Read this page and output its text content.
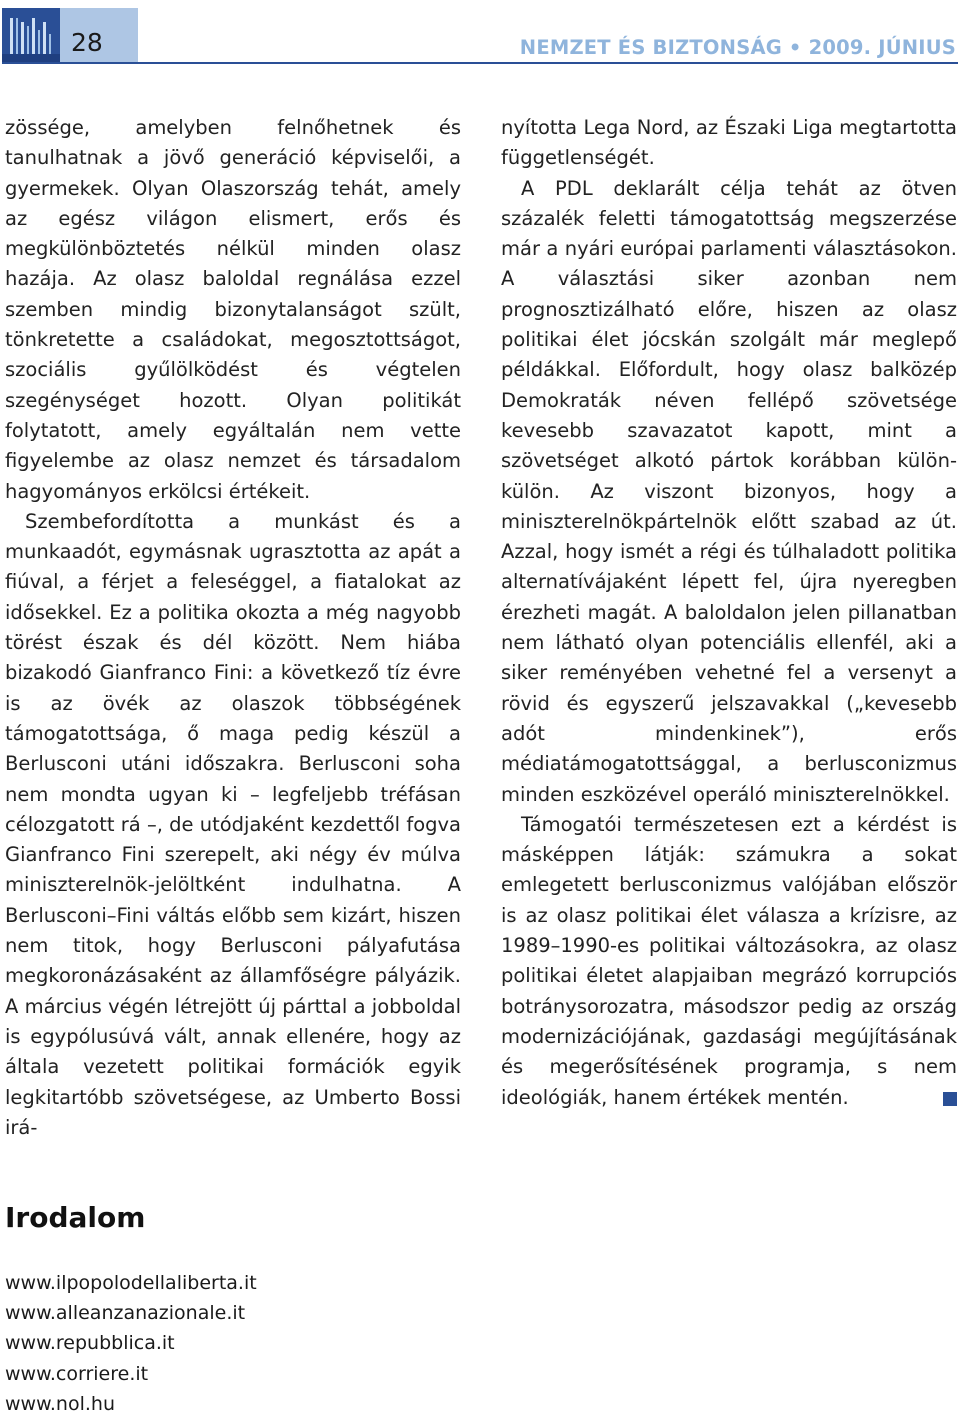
28	NEMZET ÉS BIZTONSÁG • 2009. JÚNIUS

zössége, amelyben felnőhetnek és tanulhatnak a jövő generáció képviselői, a gyermekek. Olyan Olaszország tehát, amely az egész világon elismert, erős és megkülönböztetés nélkül minden olasz hazája. Az olasz baloldal regnálása ezzel szemben mindig bizonytalanságot szült, tönkretette a családokat, megosztottságot, szociális gyűlölködést és végtelen szegénységet hozott. Olyan politikát folytatott, amely egyáltalán nem vette figyelembe az olasz nemzet és társadalom hagyományos erkölcsi értékeit.

Szembefordította a munkást és a munkaadót, egymásnak ugrasztotta az apát a fiúval, a férjet a feleséggel, a fiatalokat az idősekkel. Ez a politika okozta a még nagyobb törést észak és dél között. Nem hiába bizakodó Gianfranco Fini: a következő tíz évre is az övék az olaszok többségének támogatottsága, ő maga pedig készül a Berlusconi utáni időszakra. Berlusconi soha nem mondta ugyan ki – legfeljebb tréfásan célozgatott rá –, de utódjaként kezdettől fogva Gianfranco Fini szerepelt, aki négy év múlva miniszterelnök-jelöltként indulhatna. A Berlusconi–Fini váltás előbb sem kizárt, hiszen nem titok, hogy Berlusconi pályafutása megkoronázásaként az államfőségre pályázik. A március végén létrejött új párttal a jobboldal is egypólusúvá vált, annak ellenére, hogy az általa vezetett politikai formációk egyik legkitartóbb szövetségese, az Umberto Bossi irá-

nyította Lega Nord, az Északi Liga megtartotta függetlenségét.

A PDL deklarált célja tehát az ötven százalék feletti támogatottság megszerzése már a nyári európai parlamenti választásokon. A választási siker azonban nem prognosztizálható előre, hiszen az olasz politikai élet jócskán szolgált már meglepő példákkal. Előfordult, hogy olasz balközép Demokraták néven fellépő szövetsége kevesebb szavazatot kapott, mint a szövetséget alkotó pártok korábban külön-külön. Az viszont bizonyos, hogy a miniszterelnökpártelnök előtt szabad az út. Azzal, hogy ismét a régi és túlhaladott politika alternatívájaként lépett fel, újra nyeregben érezheti magát. A baloldalon jelen pillanatban nem látható olyan potenciális ellenfél, aki a siker reményében vehetné fel a versenyt a rövid és egyszerű jelszavakkal („kevesebb adót mindenkinek”), erős médiatámogatottsággal, a berlusconizmus minden eszközével operáló miniszterelnökkel.

Támogatói természetesen ezt a kérdést is másképpen látják: számukra a sokat emlegetett berlusconizmus valójában először is az olasz politikai élet válasza a krízisre, az 1989–1990-es politikai változásokra, az olasz politikai életet alapjaiban megrázó korrupciós botránysorozatra, másodszor pedig az ország modernizációjának, gazdasági megújításának és megerősítésének programja, s nem ideológiák, hanem értékek mentén.

Irodalom
www.ilpopolodellaliberta.it
www.alleanzanazionale.it
www.repubblica.it
www.corriere.it
www.nol.hu
